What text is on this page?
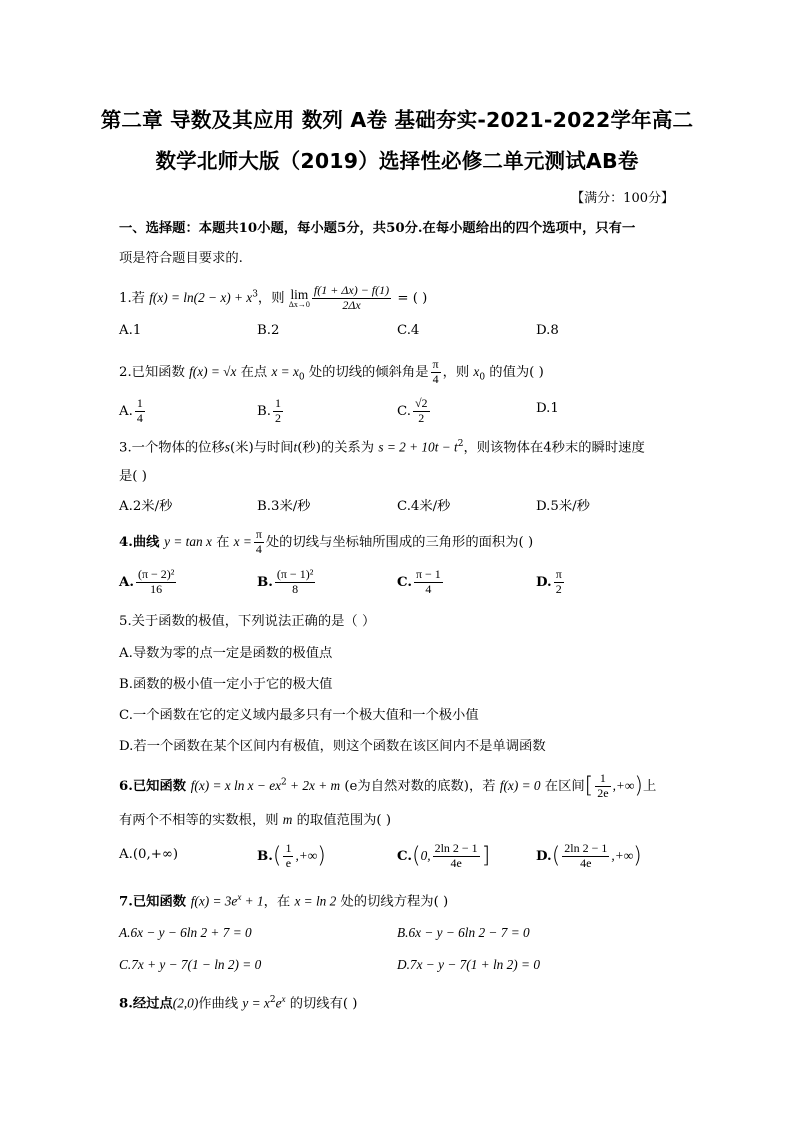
第二章 导数及其应用 数列 A卷 基础夯实-2021-2022学年高二
数学北师大版（2019）选择性必修二单元测试AB卷
【满分：100分】
一、选择题：本题共10小题，每小题5分，共50分.在每小题给出的四个选项中，只有一
项是符合题目要求的.
1.若 $f(x) = \ln(2 - x) + x^3$，则 lim
$\Delta x\to 0 \frac{f(1 + \Delta x) - f(1)}{2\Delta x}$ = ( )
A.1	B.2	C.4	D.8
2.已知函数 f(x) = √x 在点 $x = x_0$ 处的切线的倾斜角是 $\frac{\pi}{4}$ ，则 $x_0$ 的值为( )
A. $\frac{1}{4}$	B. $\frac{1}{2}$	C. $\frac{√2}{2}$	D.1
3.一个物体的位移s(米)与时间t(秒)的关系为 $s = 2 + 10t - t^2$，则该物体在4秒末的瞬时速度
是( )
A.2米/秒	B.3米/秒	C.4米/秒	D.5米/秒
4.曲线 y = tan x 在 $x = \frac{\pi}{4}$ 处的切线与坐标轴所围成的三角形的面积为( )
A. $\frac{\text{(π − 2)²}}{16}$	B. $\frac{\text{(π − 1)²}}{8}$	C. $\frac{\pi - 1}{4}$	D. $\frac{\pi}{2}$
5.关于函数的极值，下列说法正确的是（ ）
A.导数为零的点一定是函数的极值点
B.函数的极小值一定小于它的极大值
C.一个函数在它的定义域内最多只有一个极大值和一个极小值
D.若一个函数在某个区间内有极值，则这个函数在该区间内不是单调函数
6.已知函数 f(x) = x $\ln x - ex^2 + 2x + m$ (e为自然对数的底数)，若 f(x) = 0 在区间[ $\frac{1}{2e}$ ,+∞)上
有两个不相等的实数根，则 m 的取值范围为( )
A.(0,+∞)	$B.( \frac{1}{e}$ ,+∞)	C.(0, $\frac{2\ln 2 - 1}{4e}$ ]	$D.( \frac{2\ln 2 - 1}{4e}$ ,+∞)
7.已知函数 $f(x) = 3e^x + 1$，在 x = ln 2 处的切线方程为( )
A.6x − y − 6ln 2 + 7 = 0	B.6x − y − 6ln 2 − 7 = 0
C.7x + y − 7(1 − ln 2) = 0	D.7x − y − 7(1 + ln 2) = 0
8.经过点(2,0)作曲线 $y = x^2e^x$ 的切线有( )
